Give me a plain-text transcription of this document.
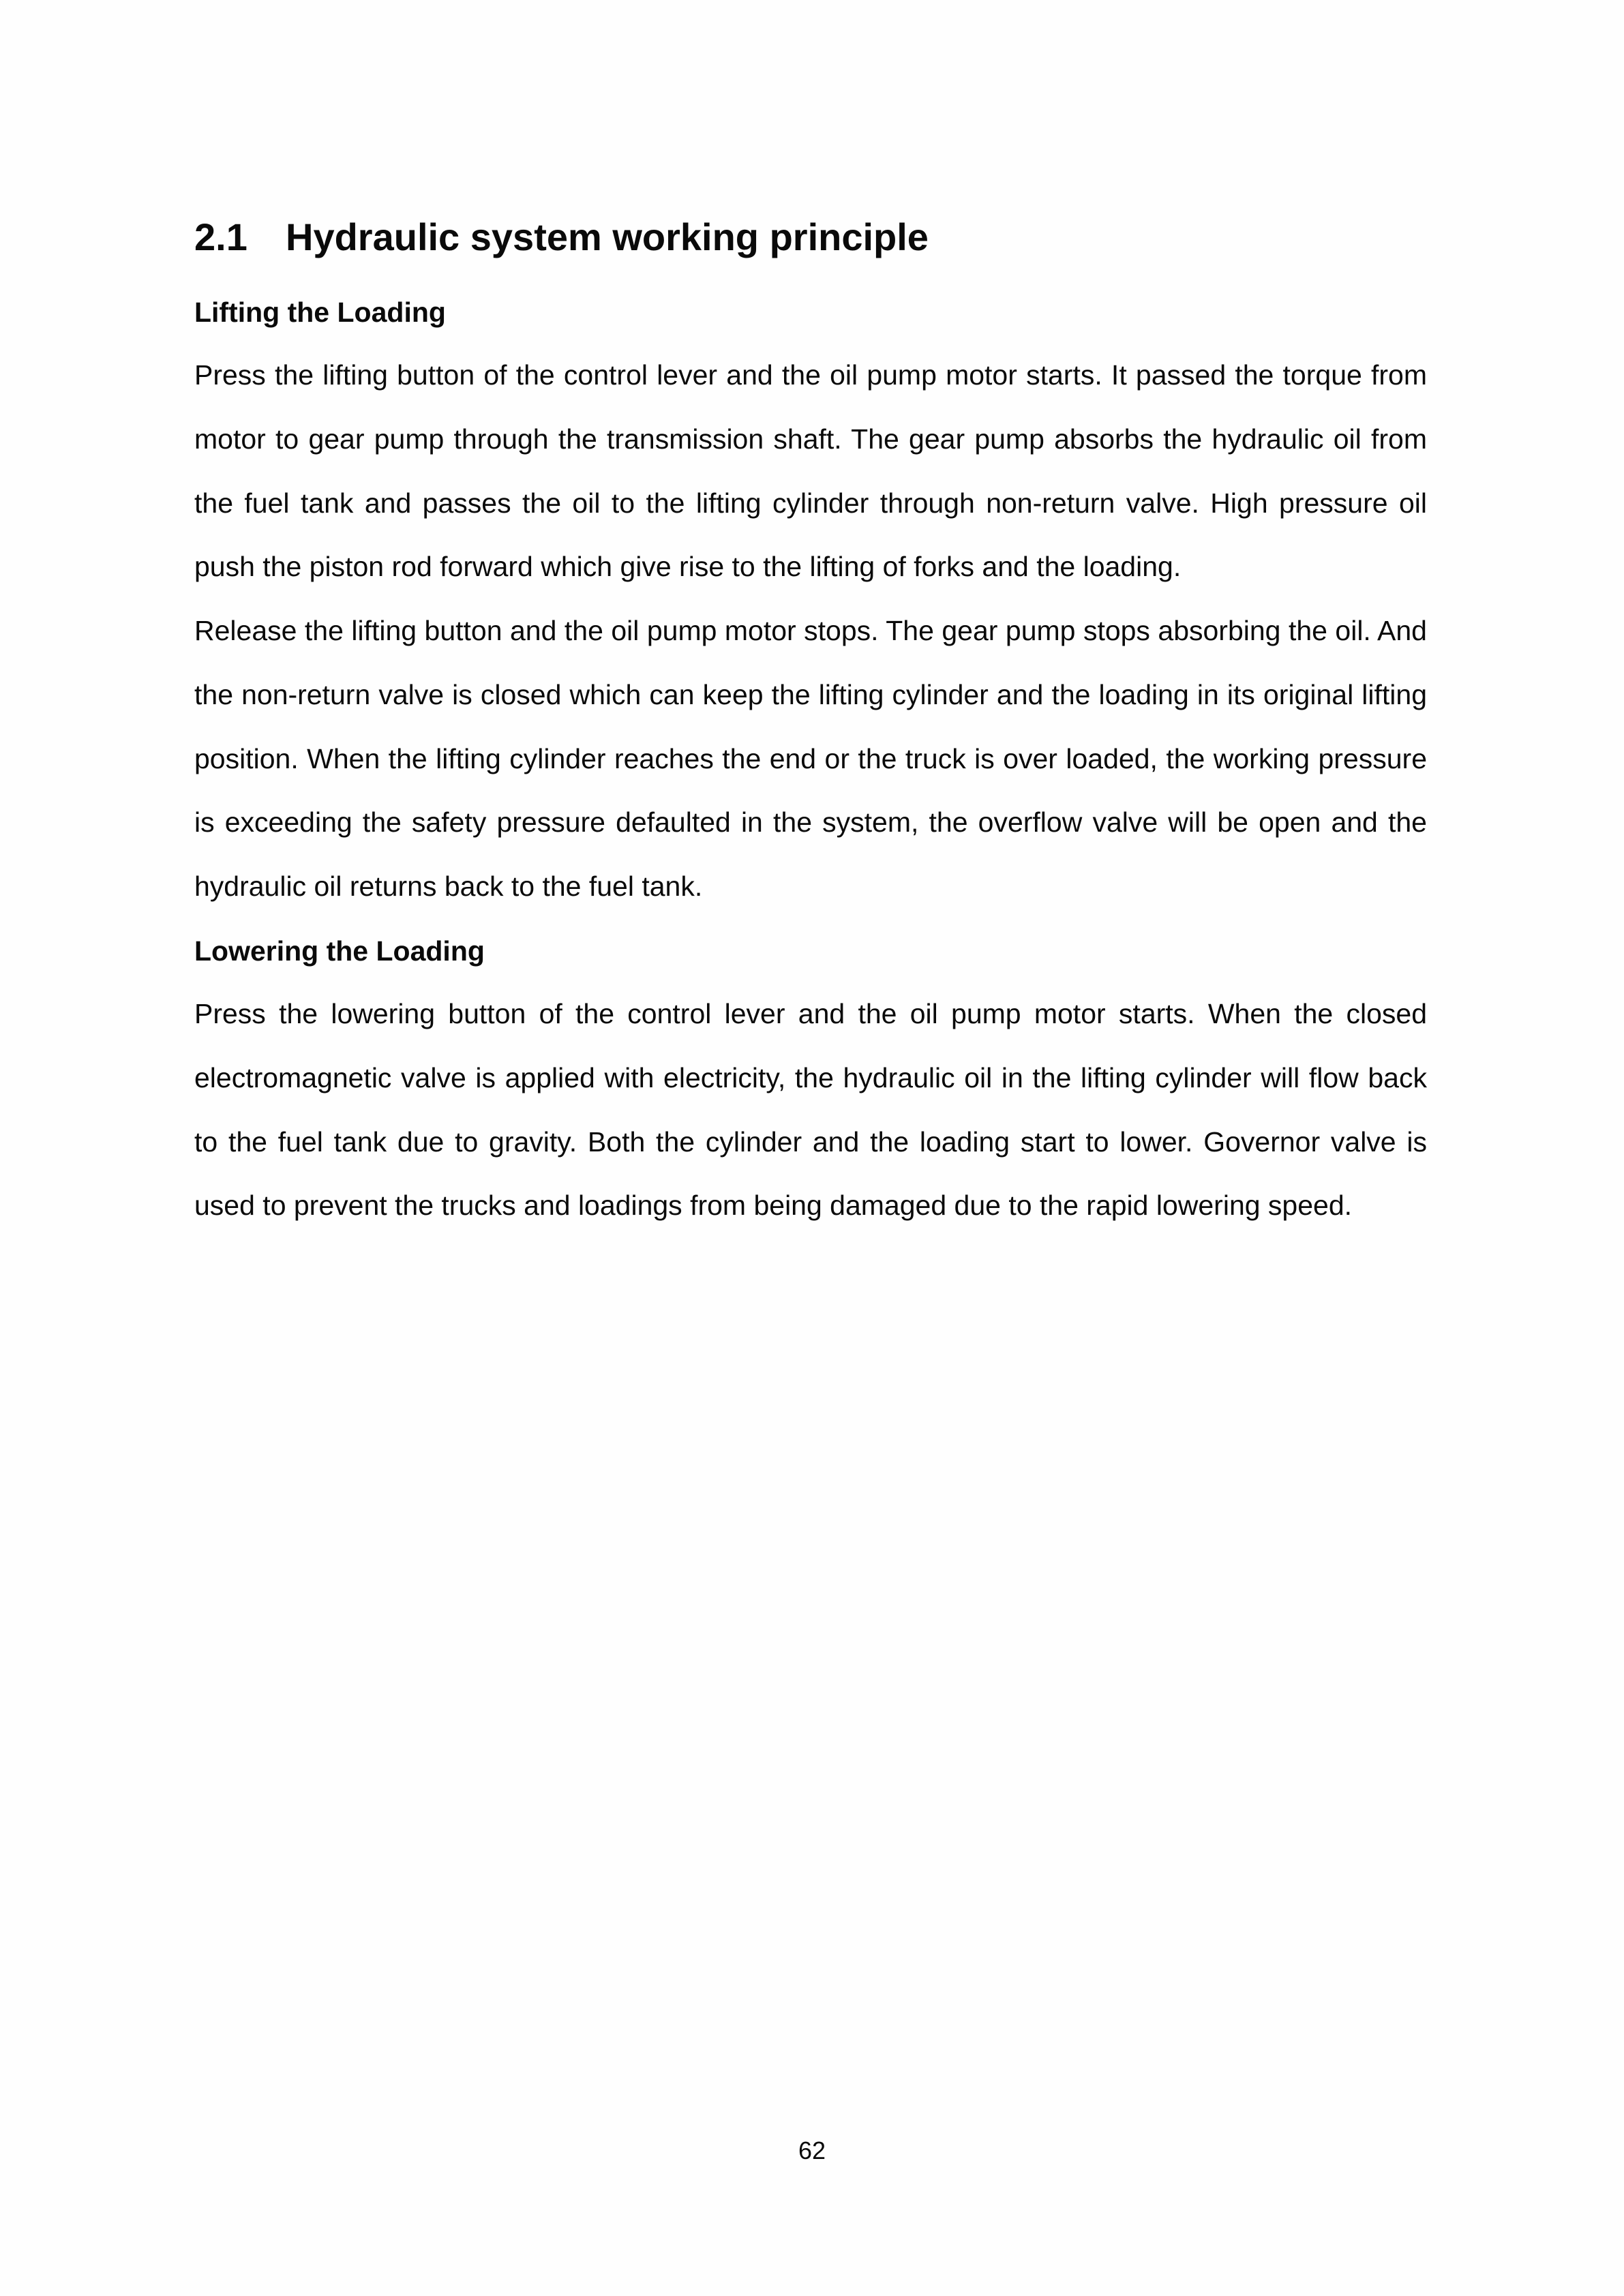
2.1 Hydraulic system working principle
Lifting the Loading

Press the lifting button of the control lever and the oil pump motor starts. It passed the torque from motor to gear pump through the transmission shaft. The gear pump absorbs the hydraulic oil from the fuel tank and passes the oil to the lifting cylinder through non-return valve. High pressure oil push the piston rod forward which give rise to the lifting of forks and the loading.

Release the lifting button and the oil pump motor stops. The gear pump stops absorbing the oil. And the non-return valve is closed which can keep the lifting cylinder and the loading in its original lifting position. When the lifting cylinder reaches the end or the truck is over loaded, the working pressure is exceeding the safety pressure defaulted in the system, the overflow valve will be open and the hydraulic oil returns back to the fuel tank.

Lowering the Loading

Press the lowering button of the control lever and the oil pump motor starts. When the closed electromagnetic valve is applied with electricity, the hydraulic oil in the lifting cylinder will flow back to the fuel tank due to gravity. Both the cylinder and the loading start to lower. Governor valve is used to prevent the trucks and loadings from being damaged due to the rapid lowering speed.

62
